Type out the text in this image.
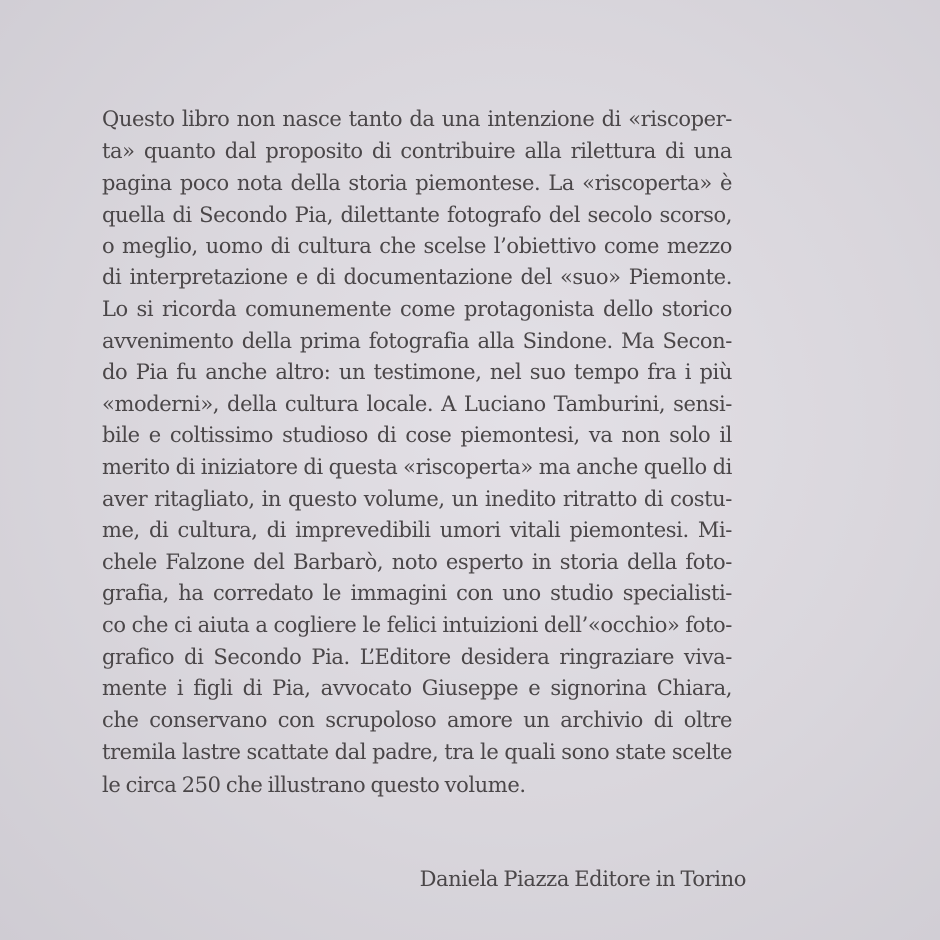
Questo libro non nasce tanto da una intenzione di «riscoper-
ta» quanto dal proposito di contribuire alla rilettura di una
pagina poco nota della storia piemontese. La «riscoperta» è
quella di Secondo Pia, dilettante fotografo del secolo scorso,
o meglio, uomo di cultura che scelse l’obiettivo come mezzo
di interpretazione e di documentazione del «suo» Piemonte.
Lo si ricorda comunemente come protagonista dello storico
avvenimento della prima fotografia alla Sindone. Ma Secon-
do Pia fu anche altro: un testimone, nel suo tempo fra i più
«moderni», della cultura locale. A Luciano Tamburini, sensi-
bile e coltissimo studioso di cose piemontesi, va non solo il
merito di iniziatore di questa «riscoperta» ma anche quello di
aver ritagliato, in questo volume, un inedito ritratto di costu-
me, di cultura, di imprevedibili umori vitali piemontesi. Mi-
chele Falzone del Barbarò, noto esperto in storia della foto-
grafia, ha corredato le immagini con uno studio specialisti-
co che ci aiuta a cogliere le felici intuizioni dell’«occhio» foto-
grafico di Secondo Pia. L’Editore desidera ringraziare viva-
mente i figli di Pia, avvocato Giuseppe e signorina Chiara,
che conservano con scrupoloso amore un archivio di oltre
tremila lastre scattate dal padre, tra le quali sono state scelte
le circa 250 che illustrano questo volume.
Daniela Piazza Editore in Torino
